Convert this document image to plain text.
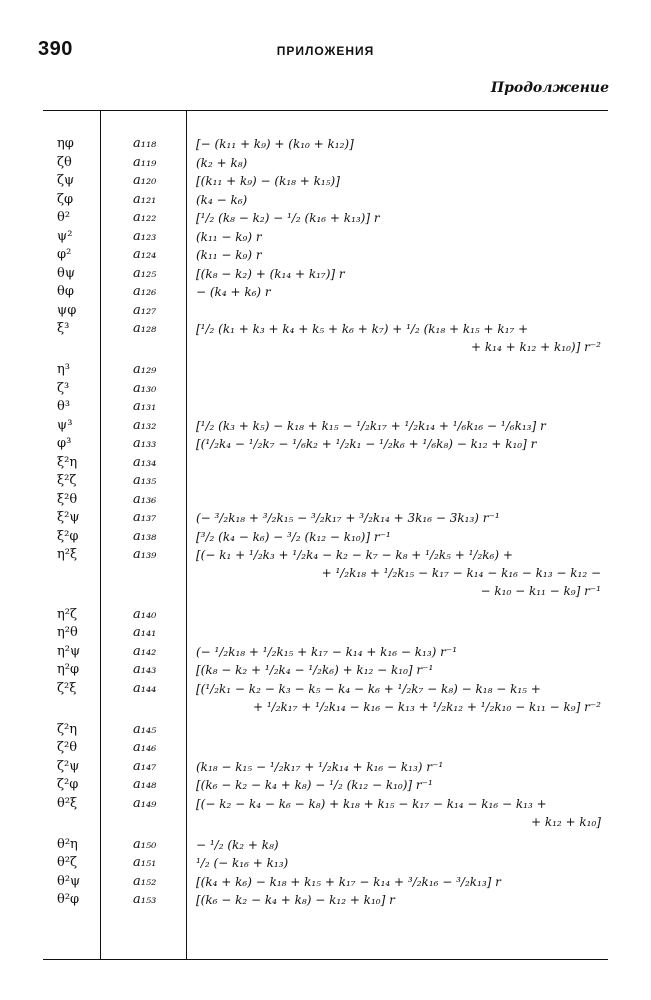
390	ПРИЛОЖЕНИЯ
Продолжение
ηφ	a₁₁₈	[− (k₁₁ + k₉) + (k₁₀ + k₁₂)]
ζθ	a₁₁₉	(k₂ + k₈)
ζψ	a₁₂₀	[(k₁₁ + k₉) − (k₁₈ + k₁₅)]
ζφ	a₁₂₁	(k₄ − k₆)
θ²	a₁₂₂	[¹/₂ (k₈ − k₂) − ¹/₂ (k₁₆ + k₁₃)] r
ψ²	a₁₂₃	(k₁₁ − k₉) r
φ²	a₁₂₄	(k₁₁ − k₉) r
θψ	a₁₂₅	[(k₈ − k₂) + (k₁₄ + k₁₇)] r
θφ	a₁₂₆	− (k₄ + k₆) r
ψφ	a₁₂₇
ξ³	a₁₂₈	[¹/₂ (k₁ + k₃ + k₄ + k₅ + k₆ + k₇) + ¹/₂ (k₁₈ + k₁₅ + k₁₇ +
+ k₁₄ + k₁₂ + k₁₀)] r⁻²
η³	a₁₂₉
ζ³	a₁₃₀
θ³	a₁₃₁
ψ³	a₁₃₂	[¹/₂ (k₃ + k₅) − k₁₈ + k₁₅ − ¹/₂k₁₇ + ¹/₂k₁₄ + ¹/₆k₁₆ − ¹/₆k₁₃] r
φ³	a₁₃₃	[(¹/₂k₄ − ¹/₂k₇ − ¹/₆k₂ + ¹/₂k₁ − ¹/₂k₆ + ¹/₆k₈) − k₁₂ + k₁₀] r
ξ²η	a₁₃₄
ξ²ζ	a₁₃₅
ξ²θ	a₁₃₆
ξ²ψ	a₁₃₇	(− ³/₂k₁₈ + ³/₂k₁₅ − ³/₂k₁₇ + ³/₂k₁₄ + 3k₁₆ − 3k₁₃) r⁻¹
ξ²φ	a₁₃₈	[³/₂ (k₄ − k₆) − ³/₂ (k₁₂ − k₁₀)] r⁻¹
η²ξ	a₁₃₉	[(− k₁ + ¹/₂k₃ + ¹/₂k₄ − k₂ − k₇ − k₈ + ¹/₂k₅ + ¹/₂k₆) +
+ ¹/₂k₁₈ + ¹/₂k₁₅ − k₁₇ − k₁₄ − k₁₆ − k₁₃ − k₁₂ −
− k₁₀ − k₁₁ − k₉] r⁻¹
η²ζ	a₁₄₀
η²θ	a₁₄₁
η²ψ	a₁₄₂	(− ¹/₂k₁₈ + ¹/₂k₁₅ + k₁₇ − k₁₄ + k₁₆ − k₁₃) r⁻¹
η²φ	a₁₄₃	[(k₈ − k₂ + ¹/₂k₄ − ¹/₂k₆) + k₁₂ − k₁₀] r⁻¹
ζ²ξ	a₁₄₄	[(¹/₂k₁ − k₂ − k₃ − k₅ − k₄ − k₆ + ¹/₂k₇ − k₈) − k₁₈ − k₁₅ +
+ ¹/₂k₁₇ + ¹/₂k₁₄ − k₁₆ − k₁₃ + ¹/₂k₁₂ + ¹/₂k₁₀ − k₁₁ − k₉] r⁻²
ζ²η	a₁₄₅
ζ²θ	a₁₄₆
ζ²ψ	a₁₄₇	(k₁₈ − k₁₅ − ¹/₂k₁₇ + ¹/₂k₁₄ + k₁₆ − k₁₃) r⁻¹
ζ²φ	a₁₄₈	[(k₆ − k₂ − k₄ + k₈) − ¹/₂ (k₁₂ − k₁₀)] r⁻¹
θ²ξ	a₁₄₉	[(− k₂ − k₄ − k₆ − k₈) + k₁₈ + k₁₅ − k₁₇ − k₁₄ − k₁₆ − k₁₃ +
+ k₁₂ + k₁₀]
θ²η	a₁₅₀	− ¹/₂ (k₂ + k₈)
θ²ζ	a₁₅₁	¹/₂ (− k₁₆ + k₁₃)
θ²ψ	a₁₅₂	[(k₄ + k₆) − k₁₈ + k₁₅ + k₁₇ − k₁₄ + ³/₂k₁₆ − ³/₂k₁₃] r
θ²φ	a₁₅₃	[(k₆ − k₂ − k₄ + k₈) − k₁₂ + k₁₀] r
